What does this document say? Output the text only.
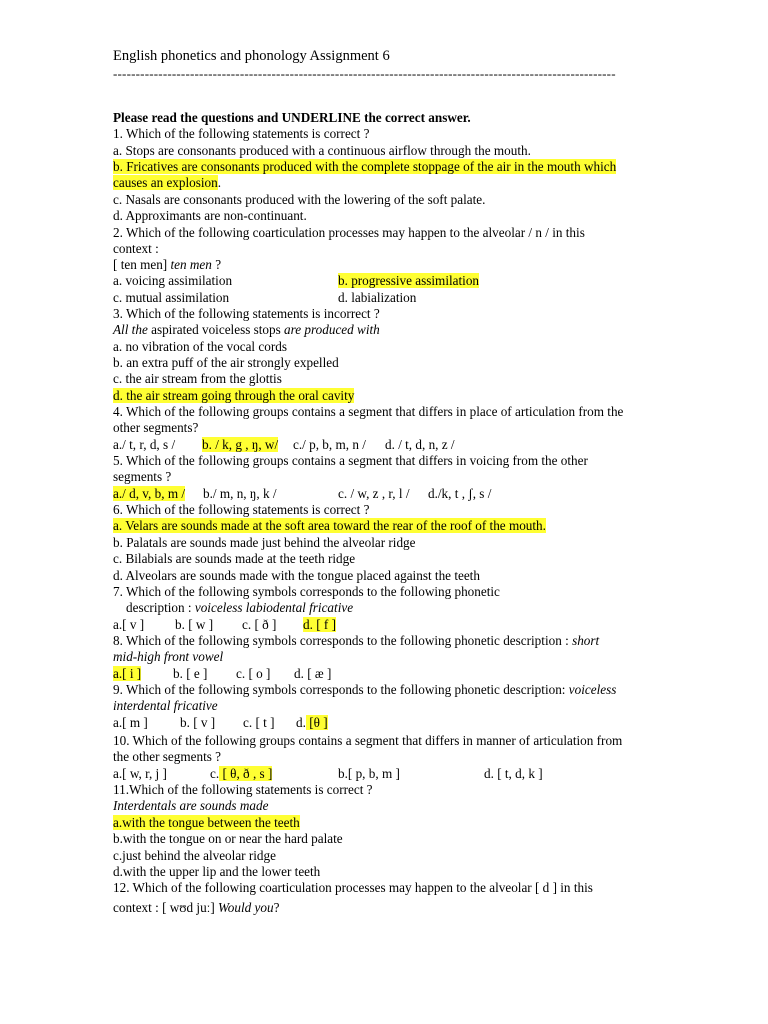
English phonetics and phonology Assignment 6
---------------------------------------------------------------------------------------------------------------
Please read the questions and UNDERLINE the correct answer.
1. Which of the following statements is correct ?
a. Stops are consonants produced with a continuous airflow through the mouth.
b. Fricatives are consonants produced with the complete stoppage of the air in the mouth which
causes an explosion.
c. Nasals are consonants produced with the lowering of the soft palate.
d. Approximants are non-continuant.
2. Which of the following coarticulation processes may happen to the alveolar / n / in this
context :
[ ten men] ten men ?
a. voicing assimilation	b. progressive assimilation
c. mutual assimilation	d. labialization
3. Which of the following statements is incorrect ?
All the aspirated voiceless stops are produced with
a. no vibration of the vocal cords
b. an extra puff of the air strongly expelled
c. the air stream from the glottis
d. the air stream going through the oral cavity
4. Which of the following groups contains a segment that differs in place of articulation from the
other segments?
a./ t, r, d, s / b. / k, g , ŋ, w/ c./ p, b, m, n / d. / t, d, n, z /
5. Which of the following groups contains a segment that differs in voicing from the other
segments ?
a./ d, v, b, m / b./ m, n, ŋ, k /	c. / w, z , r, l / d./k, t , ʃ, s /
6. Which of the following statements is correct ?
a. Velars are sounds made at the soft area toward the rear of the roof of the mouth.
b. Palatals are sounds made just behind the alveolar ridge
c. Bilabials are sounds made at the teeth ridge
d. Alveolars are sounds made with the tongue placed against the teeth
7. Which of the following symbols corresponds to the following phonetic
description : voiceless labiodental fricative
a.[ v ] b. [ w ] c. [ ð ] d. [ f ]
8. Which of the following symbols corresponds to the following phonetic description : short
mid-high front vowel
a.[ i ] b. [ e ] c. [ o ] d. [ æ ]
9. Which of the following symbols corresponds to the following phonetic description: voiceless
interdental fricative
a.[ m ] b. [ v ] c. [ t ] d. [θ ]
10. Which of the following groups contains a segment that differs in manner of articulation from
the other segments ?
a.[ w, r, j ]	c. [ θ, ð , s ]	b.[ p, b, m ]	d. [ t, d, k ]
11.Which of the following statements is correct ?
Interdentals are sounds made
a.with the tongue between the teeth
b.with the tongue on or near the hard palate
c.just behind the alveolar ridge
d.with the upper lip and the lower teeth
12. Which of the following coarticulation processes may happen to the alveolar [ d ] in this
context : [ wʊd juː] Would you?
